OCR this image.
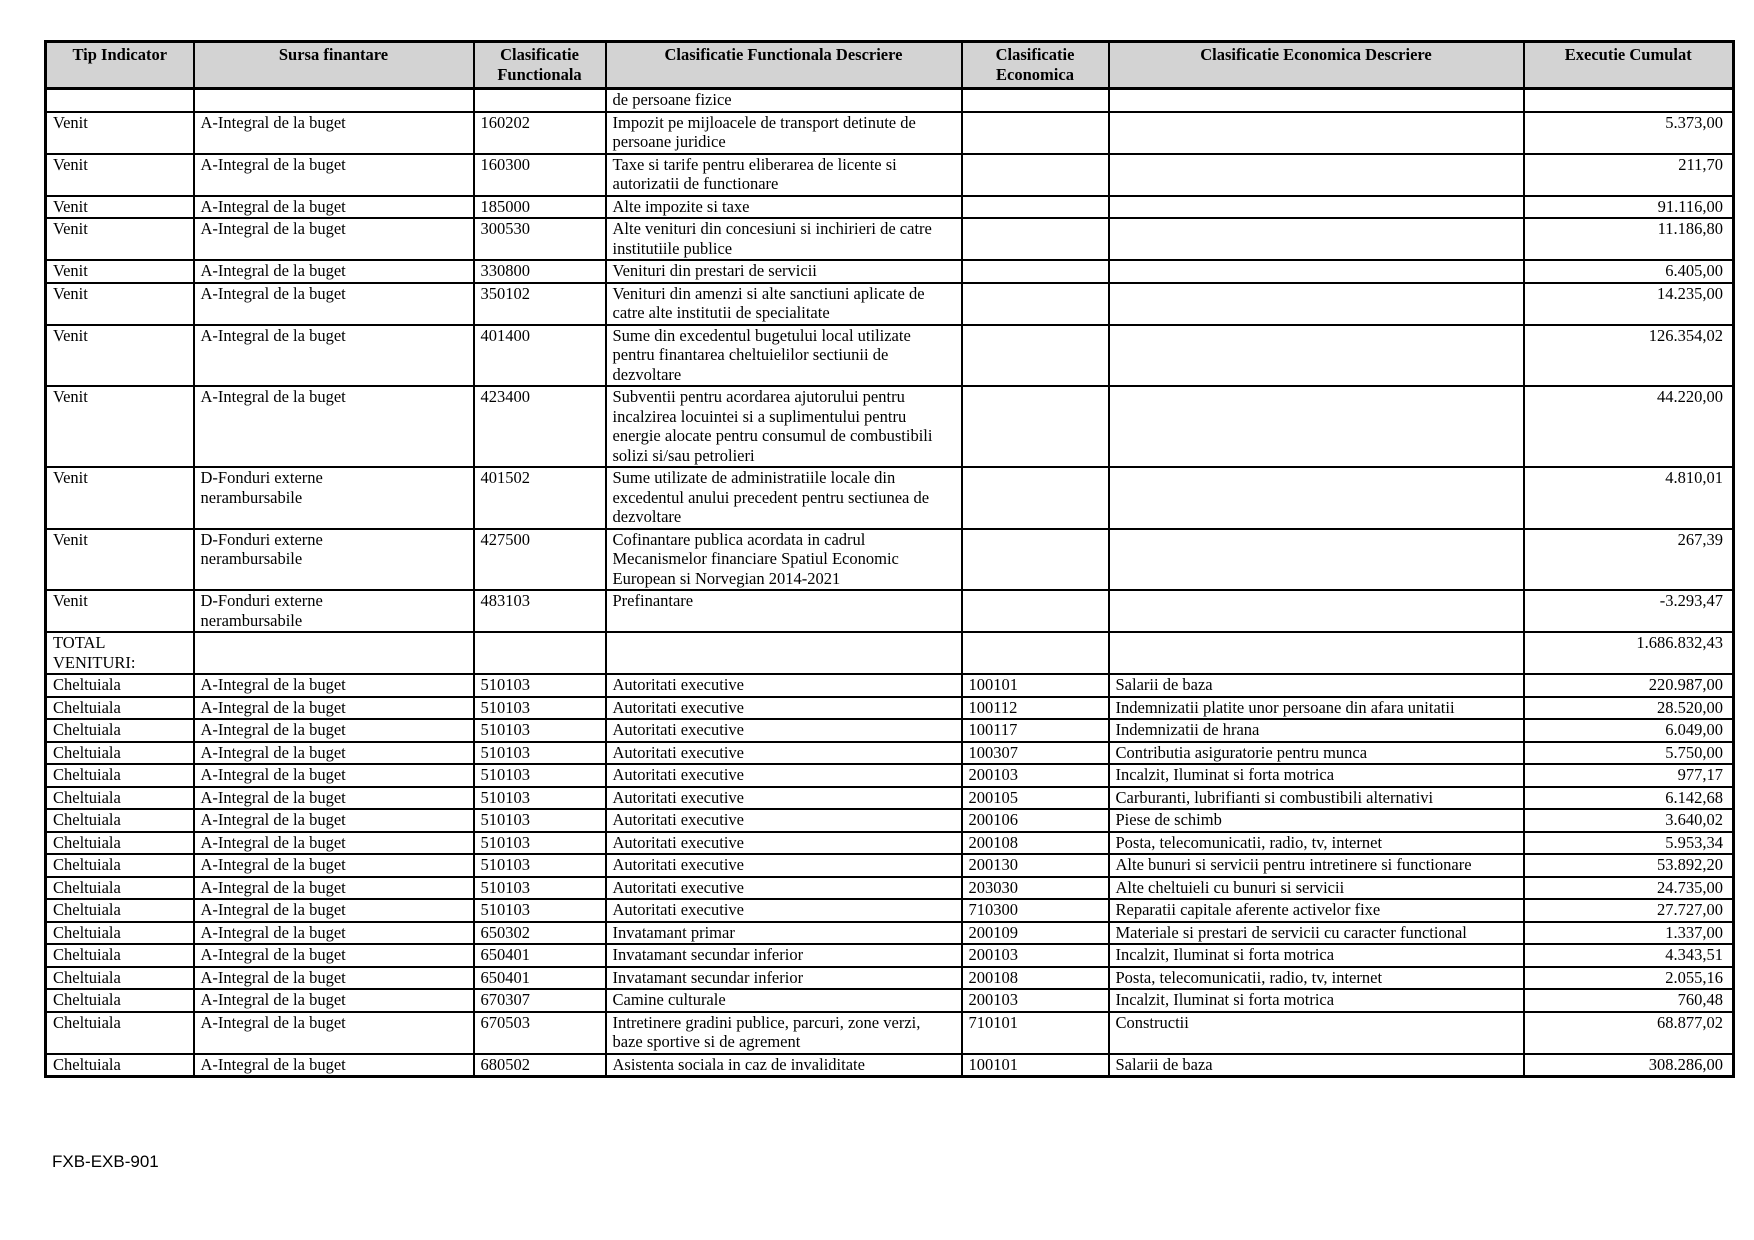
Tip Indicator	Sursa finantare	Clasificatie Functionala	Clasificatie Functionala Descriere	Clasificatie Economica	Clasificatie Economica Descriere	Executie Cumulat
			de persoane fizice			
Venit	A-Integral de la buget	160202	Impozit pe mijloacele de transport detinute de persoane juridice			5.373,00
Venit	A-Integral de la buget	160300	Taxe si tarife pentru eliberarea de licente si autorizatii de functionare			211,70
Venit	A-Integral de la buget	185000	Alte impozite si taxe			91.116,00
Venit	A-Integral de la buget	300530	Alte venituri din concesiuni si inchirieri de catre institutiile publice			11.186,80
Venit	A-Integral de la buget	330800	Venituri din prestari de servicii			6.405,00
Venit	A-Integral de la buget	350102	Venituri din amenzi si alte sanctiuni aplicate de catre alte institutii de specialitate			14.235,00
Venit	A-Integral de la buget	401400	Sume din excedentul bugetului local utilizate pentru finantarea cheltuielilor sectiunii de dezvoltare			126.354,02
Venit	A-Integral de la buget	423400	Subventii pentru acordarea ajutorului pentru incalzirea locuintei si a suplimentului pentru energie alocate pentru consumul de combustibili solizi si/sau petrolieri			44.220,00
Venit	D-Fonduri externe nerambursabile	401502	Sume utilizate de administratiile locale din excedentul anului precedent pentru sectiunea de dezvoltare			4.810,01
Venit	D-Fonduri externe nerambursabile	427500	Cofinantare publica acordata in cadrul Mecanismelor financiare Spatiul Economic European si Norvegian 2014-2021			267,39
Venit	D-Fonduri externe nerambursabile	483103	Prefinantare			-3.293,47
TOTAL VENITURI:						1.686.832,43
Cheltuiala	A-Integral de la buget	510103	Autoritati executive	100101	Salarii de baza	220.987,00
Cheltuiala	A-Integral de la buget	510103	Autoritati executive	100112	Indemnizatii platite unor persoane din afara unitatii	28.520,00
Cheltuiala	A-Integral de la buget	510103	Autoritati executive	100117	Indemnizatii de hrana	6.049,00
Cheltuiala	A-Integral de la buget	510103	Autoritati executive	100307	Contributia asiguratorie pentru munca	5.750,00
Cheltuiala	A-Integral de la buget	510103	Autoritati executive	200103	Incalzit, Iluminat si forta motrica	977,17
Cheltuiala	A-Integral de la buget	510103	Autoritati executive	200105	Carburanti, lubrifianti si combustibili alternativi	6.142,68
Cheltuiala	A-Integral de la buget	510103	Autoritati executive	200106	Piese de schimb	3.640,02
Cheltuiala	A-Integral de la buget	510103	Autoritati executive	200108	Posta, telecomunicatii, radio, tv, internet	5.953,34
Cheltuiala	A-Integral de la buget	510103	Autoritati executive	200130	Alte bunuri si servicii pentru intretinere si functionare	53.892,20
Cheltuiala	A-Integral de la buget	510103	Autoritati executive	203030	Alte cheltuieli cu bunuri si servicii	24.735,00
Cheltuiala	A-Integral de la buget	510103	Autoritati executive	710300	Reparatii capitale aferente activelor fixe	27.727,00
Cheltuiala	A-Integral de la buget	650302	Invatamant primar	200109	Materiale si prestari de servicii cu caracter functional	1.337,00
Cheltuiala	A-Integral de la buget	650401	Invatamant secundar inferior	200103	Incalzit, Iluminat si forta motrica	4.343,51
Cheltuiala	A-Integral de la buget	650401	Invatamant secundar inferior	200108	Posta, telecomunicatii, radio, tv, internet	2.055,16
Cheltuiala	A-Integral de la buget	670307	Camine culturale	200103	Incalzit, Iluminat si forta motrica	760,48
Cheltuiala	A-Integral de la buget	670503	Intretinere gradini publice, parcuri, zone verzi, baze sportive si de agrement	710101	Constructii	68.877,02
Cheltuiala	A-Integral de la buget	680502	Asistenta sociala in caz de invaliditate	100101	Salarii de baza	308.286,00
FXB-EXB-901
